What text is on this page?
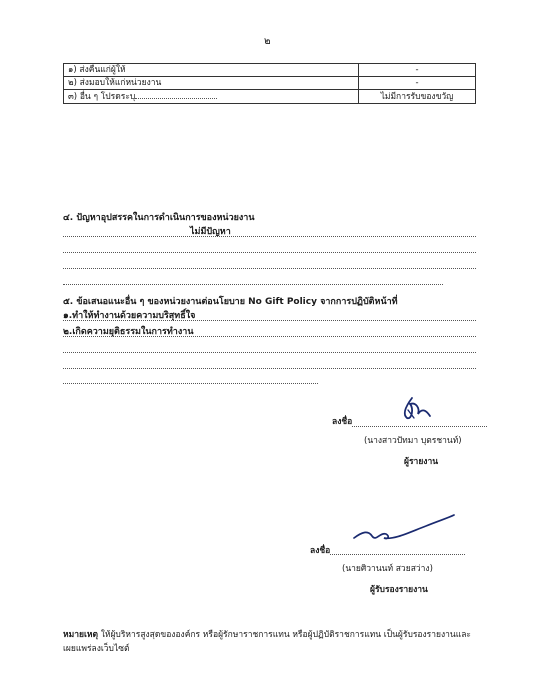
๒
๑) ส่งคืนแก่ผู้ให้	-
๒) ส่งมอบให้แก่หน่วยงาน	-
๓) อื่น ๆ โปรดระบุ	ไม่มีการรับของขวัญ
๔. ปัญหาอุปสรรคในการดำเนินการของหน่วยงาน
ไม่มีปัญหา
๕. ข้อเสนอแนะอื่น ๆ ของหน่วยงานต่อนโยบาย No Gift Policy จากการปฏิบัติหน้าที่
๑.ทำให้ทำงานด้วยความบริสุทธิ์ใจ
๒.เกิดความยุติธรรมในการทำงาน
ลงชื่อ
(นางสาวปัทมา บุตรชานท์)
ผู้รายงาน
ลงชื่อ
(นายศิวานนท์ สวยสว่าง)
ผู้รับรองรายงาน
หมายเหตุ ให้ผู้บริหารสูงสุดขององค์กร หรือผู้รักษาราชการแทน หรือผู้ปฏิบัติราชการแทน เป็นผู้รับรองรายงานและเผยแพร่ลงเว็บไซต์
